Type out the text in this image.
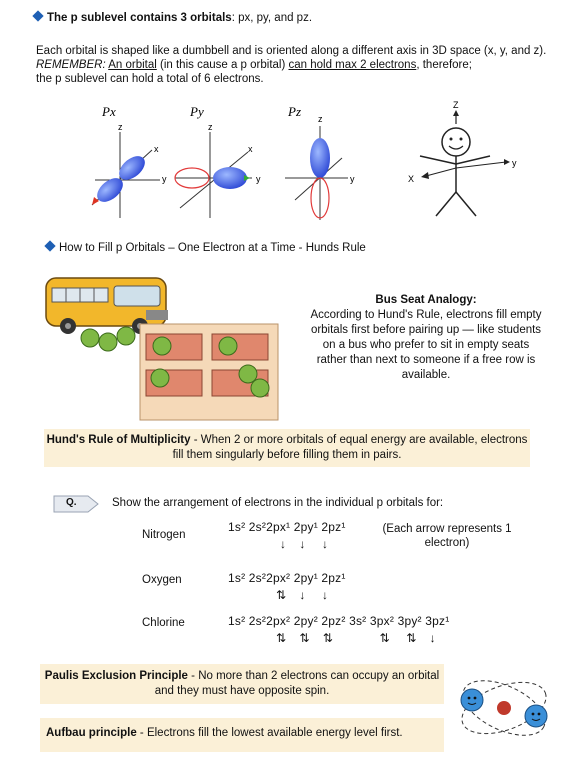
The p sublevel contains 3 orbitals: px, py, and pz.
Each orbital is shaped like a dumbbell and is oriented along a different axis in 3D space (x, y, and z).
REMEMBER: An orbital (in this cause a p orbital) can hold max 2 electrons, therefore;
the p sublevel can hold a total of 6 electrons.
Px
z
x
y
Py
z
x
y
Pz z
y
Z
X
y
How to Fill p Orbitals – One Electron at a Time - Hunds Rule
Bus Seat Analogy:
According to Hund's Rule, electrons fill empty orbitals first before pairing up — like students on a bus who prefer to sit in empty seats rather than next to someone if a free row is available.
Hund's Rule of Multiplicity - When 2 or more orbitals of equal energy are available, electrons fill them singularly before filling them in pairs.
Q.	Show the arrangement of electrons in the individual p orbitals for:
Nitrogen
1s² 2s²2px¹ 2py¹ 2pz¹
↓    ↓     ↓
(Each arrow represents 1 electron)
Oxygen	1s² 2s²2px² 2py¹ 2pz¹
⇅    ↓     ↓
Chlorine	1s² 2s²2px² 2py² 2pz² 3s² 3px² 3py² 3pz¹
⇅    ⇅    ⇅              ⇅     ⇅    ↓
Paulis Exclusion Principle - No more than 2 electrons can occupy an orbital and they must have opposite spin.
Aufbau principle - Electrons fill the lowest available energy level first.
